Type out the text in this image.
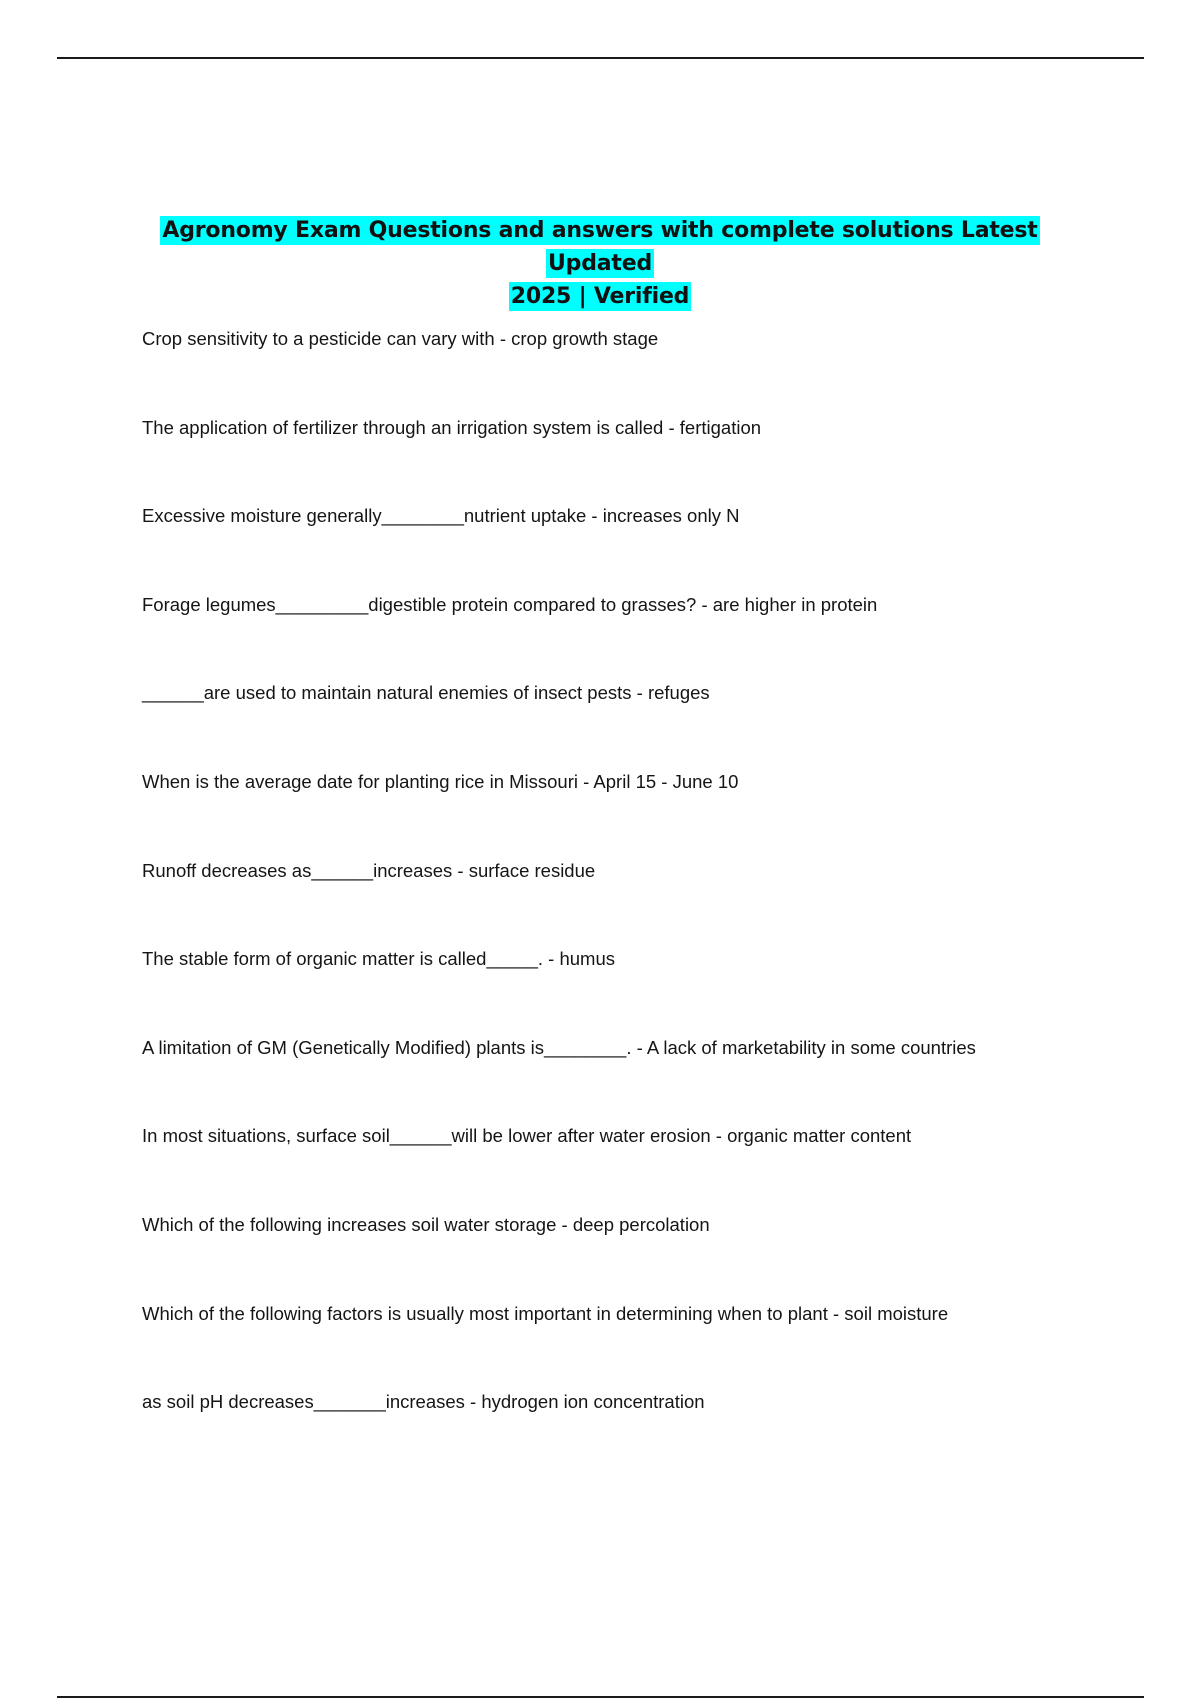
Agronomy Exam Questions and answers with complete solutions Latest Updated
2025 | Verified
Crop sensitivity to a pesticide can vary with - crop growth stage
The application of fertilizer through an irrigation system is called - fertigation
Excessive moisture generally________nutrient uptake - increases only N
Forage legumes_________digestible protein compared to grasses? - are higher in protein
______are used to maintain natural enemies of insect pests - refuges
When is the average date for planting rice in Missouri - April 15 - June 10
Runoff decreases as______increases - surface residue
The stable form of organic matter is called_____. - humus
A limitation of GM (Genetically Modified) plants is________. - A lack of marketability in some countries
In most situations, surface soil______will be lower after water erosion - organic matter content
Which of the following increases soil water storage - deep percolation
Which of the following factors is usually most important in determining when to plant - soil moisture
as soil pH decreases_______increases - hydrogen ion concentration
